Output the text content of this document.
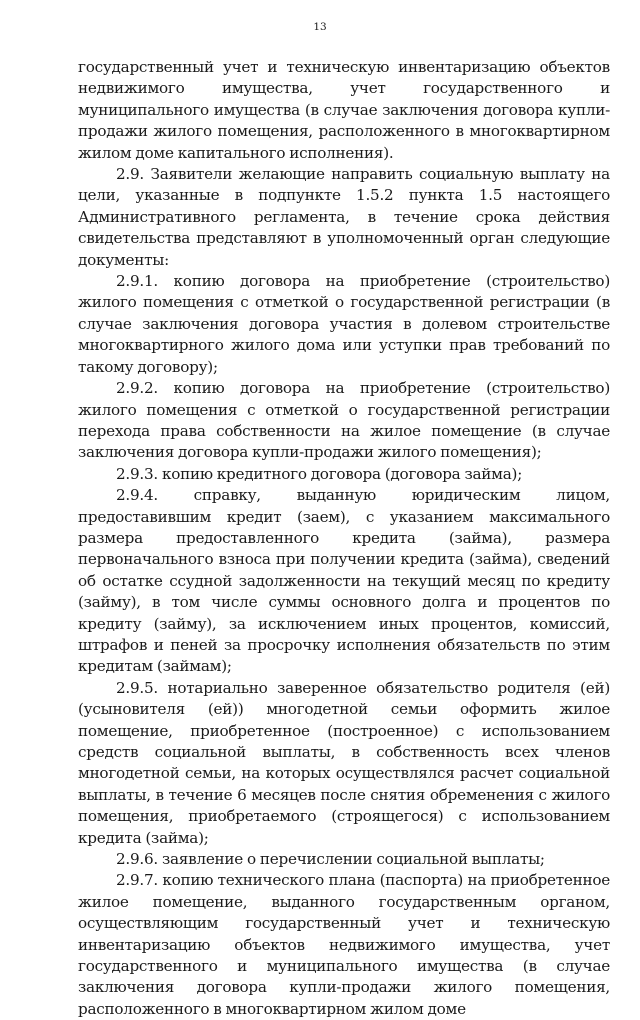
13

государственный учет и техническую инвентаризацию объектов недвижимого имущества, учет государственного и муниципального имущества (в случае заключения договора купли-продажи жилого помещения, расположенного в многоквартирном жилом доме капитального исполнения).

2.9. Заявители желающие направить социальную выплату на цели, указанные в подпункте 1.5.2 пункта 1.5 настоящего Административного регламента, в течение срока действия свидетельства представляют в уполномоченный орган следующие документы:

2.9.1. копию договора на приобретение (строительство) жилого помещения с отметкой о государственной регистрации (в случае заключения договора участия в долевом строительстве многоквартирного жилого дома или уступки прав требований по такому договору);

2.9.2. копию договора на приобретение (строительство) жилого помещения с отметкой о государственной регистрации перехода права собственности на жилое помещение (в случае заключения договора купли-продажи жилого помещения);

2.9.3. копию кредитного договора (договора займа);

2.9.4. справку, выданную юридическим лицом, предоставившим кредит (заем), с указанием максимального размера предоставленного кредита (займа), размера первоначального взноса при получении кредита (займа), сведений об остатке ссудной задолженности на текущий месяц по кредиту (займу), в том числе суммы основного долга и процентов по кредиту (займу), за исключением иных процентов, комиссий, штрафов и пеней за просрочку исполнения обязательств по этим кредитам (займам);

2.9.5. нотариально заверенное обязательство родителя (ей) (усыновителя (ей)) многодетной семьи оформить жилое помещение, приобретенное (построенное) с использованием средств социальной выплаты, в собственность всех членов многодетной семьи, на которых осуществлялся расчет социальной выплаты, в течение 6 месяцев после снятия обременения с жилого помещения, приобретаемого (строящегося) с использованием кредита (займа);

2.9.6. заявление о перечислении социальной выплаты;

2.9.7. копию технического плана (паспорта) на приобретенное жилое помещение, выданного государственным органом, осуществляющим государственный учет и техническую инвентаризацию объектов недвижимого имущества, учет государственного и муниципального имущества (в случае заключения договора купли-продажи жилого помещения, расположенного в многоквартирном жилом доме
